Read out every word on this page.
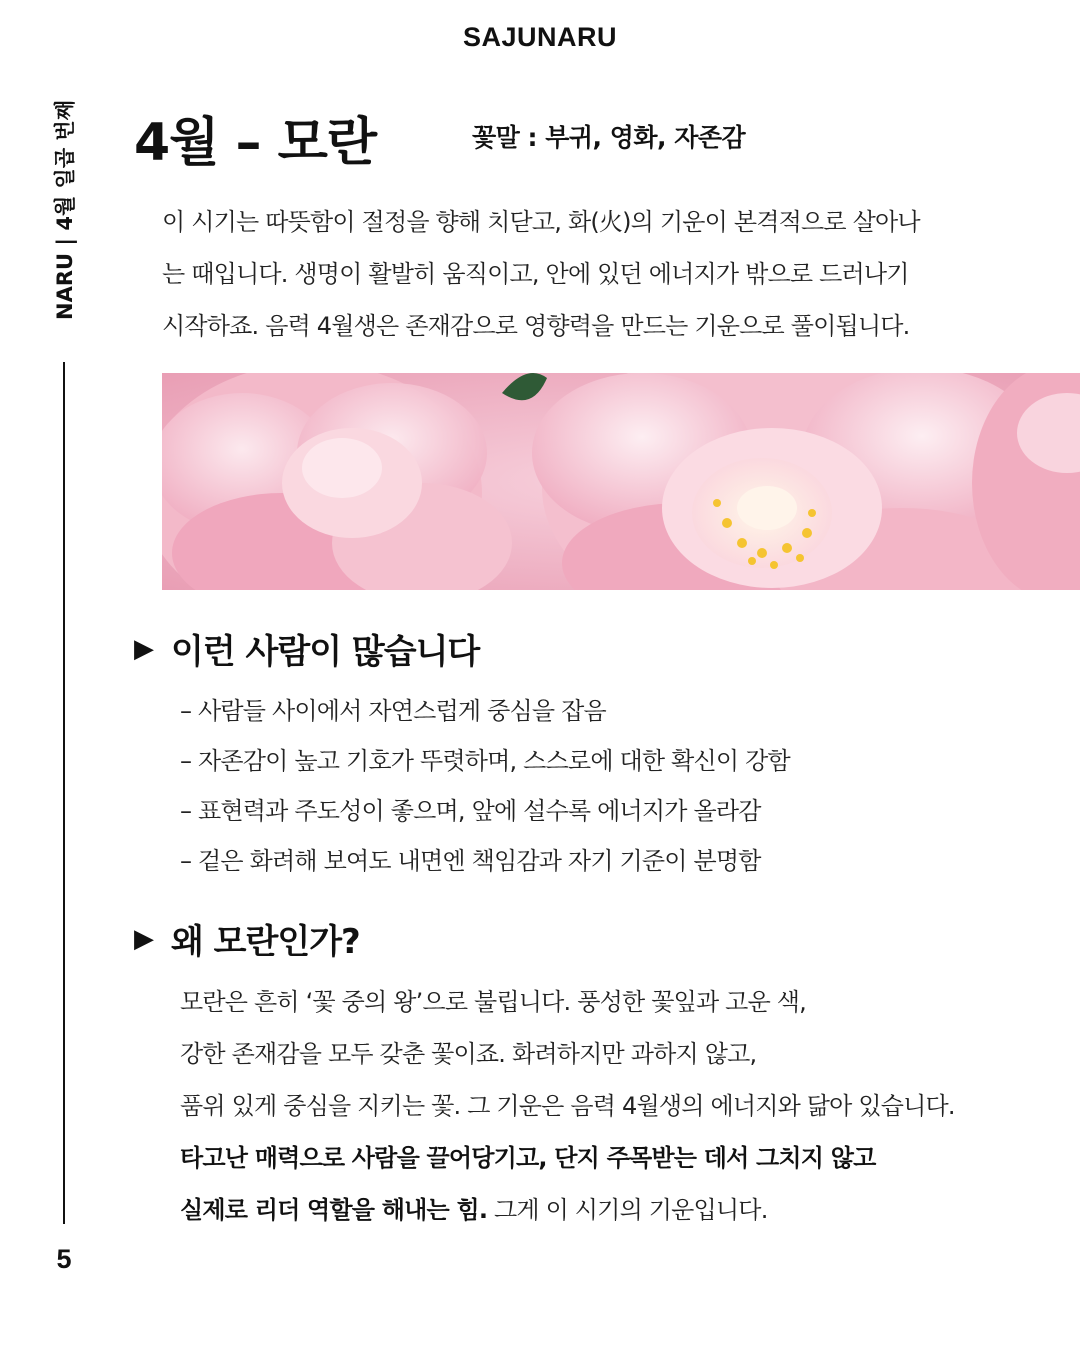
SAJUNARU
NARU | 4월 일곱 번째
5
4월 – 모란	꽃말 : 부귀, 영화, 자존감
이 시기는 따뜻함이 절정을 향해 치닫고, 화(火)의 기운이 본격적으로 살아나
는 때입니다. 생명이 활발히 움직이고, 안에 있던 에너지가 밖으로 드러나기
시작하죠. 음력 4월생은 존재감으로 영향력을 만드는 기운으로 풀이됩니다.
▶ 이런 사람이 많습니다
– 사람들 사이에서 자연스럽게 중심을 잡음
– 자존감이 높고 기호가 뚜렷하며, 스스로에 대한 확신이 강함
– 표현력과 주도성이 좋으며, 앞에 설수록 에너지가 올라감
– 겉은 화려해 보여도 내면엔 책임감과 자기 기준이 분명함
▶ 왜 모란인가?
모란은 흔히 ‘꽃 중의 왕’으로 불립니다. 풍성한 꽃잎과 고운 색,
강한 존재감을 모두 갖춘 꽃이죠. 화려하지만 과하지 않고,
품위 있게 중심을 지키는 꽃. 그 기운은 음력 4월생의 에너지와 닮아 있습니다.
타고난 매력으로 사람을 끌어당기고, 단지 주목받는 데서 그치지 않고
실제로 리더 역할을 해내는 힘. 그게 이 시기의 기운입니다.
